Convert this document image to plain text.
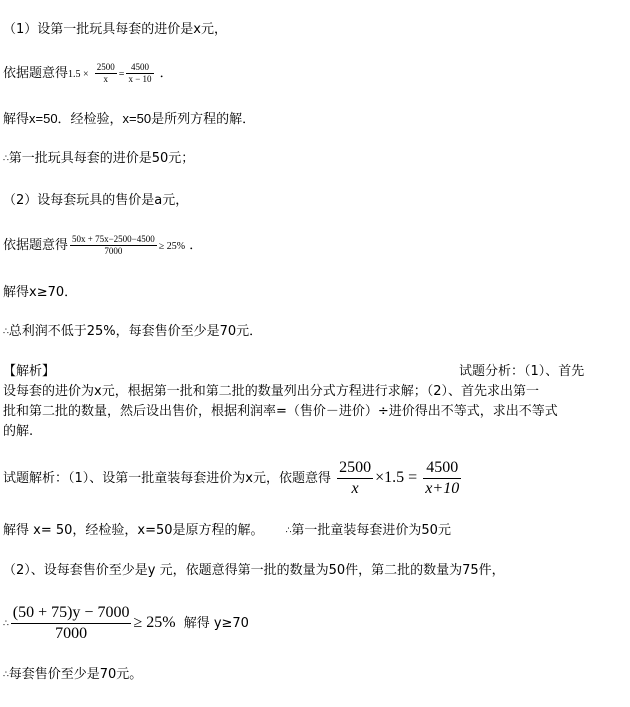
（1）设第一批玩具每套的进价是x元，
依据题意得$1.5 \times \frac{2500}{x} = \frac{4500}{x - 10}$ ．
解得x=50．经检验，x=50是所列方程的解．
∴第一批玩具每套的进价是50元；
（2）设每套玩具的售价是a元，
依据题意得 $\frac{50x + 75x-2500-4500}{7000} \ge 25\%$ ．
解得x≥70．
∴总利润不低于25%，每套售价至少是70元．
【解析】	试题分析：（1）、首先
设每套的进价为x元，根据第一批和第二批的数量列出分式方程进行求解；（2）、首先求出第一
批和第二批的数量，然后设出售价，根据利润率=（售价－进价）÷进价得出不等式，求出不等式
的解.
试题解析：（1）、设第一批童装每套进价为x元，依题意得 $\frac{2500}{x} \times 1.5 = \frac{4500}{x+10}$
解得 x= 50，经检验，x=50是原方程的解。 ∴第一批童装每套进价为50元
（2）、设每套售价至少是y 元，依题意得第一批的数量为50件，第二批的数量为75件，
∴ $\frac{(50 + 75)y - 7000}{7000} \ge 25\%$ 解得 y≥70
∴每套售价至少是70元。
